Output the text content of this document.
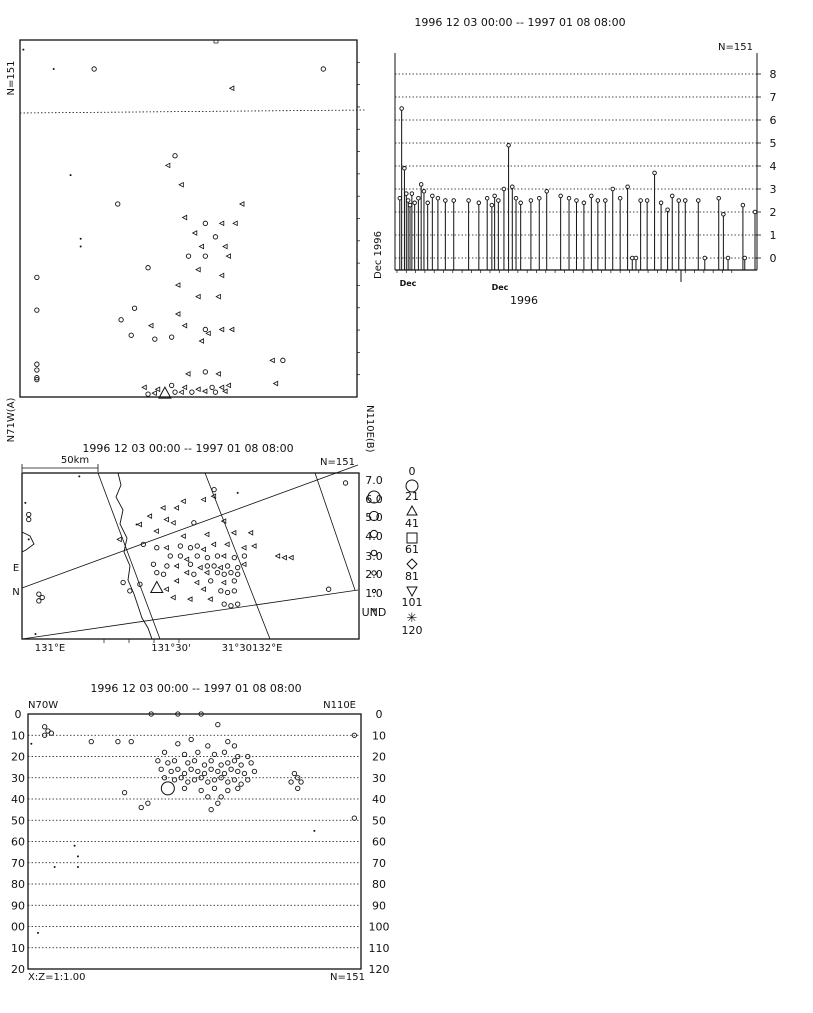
N=151
N71W(A)	N110E(B)
1996 12 03 00:00 -- 1997 01 08 08:00
N=151
0
1
2
3
4
5
6
7
8
Dec 1996
Dec	Dec
1996
1996 12 03 00:00 -- 1997 01 08 08:00
N=151
50km
E
N
131°E	131°30'	31°30132°E
7.0
6.0
5.0
4.0
3.0
2.0
1.0
UND
0
21
41
61
81
101
120
✳
1996 12 03 00:00 -- 1997 01 08 08:00
N70W	N110E
0	0
10	10
20	20
30	30
40	40
50	50
60	60
70	70
80	80
90	90
00	100
10	110
20	120
X:Z=1:1.00	N=151
